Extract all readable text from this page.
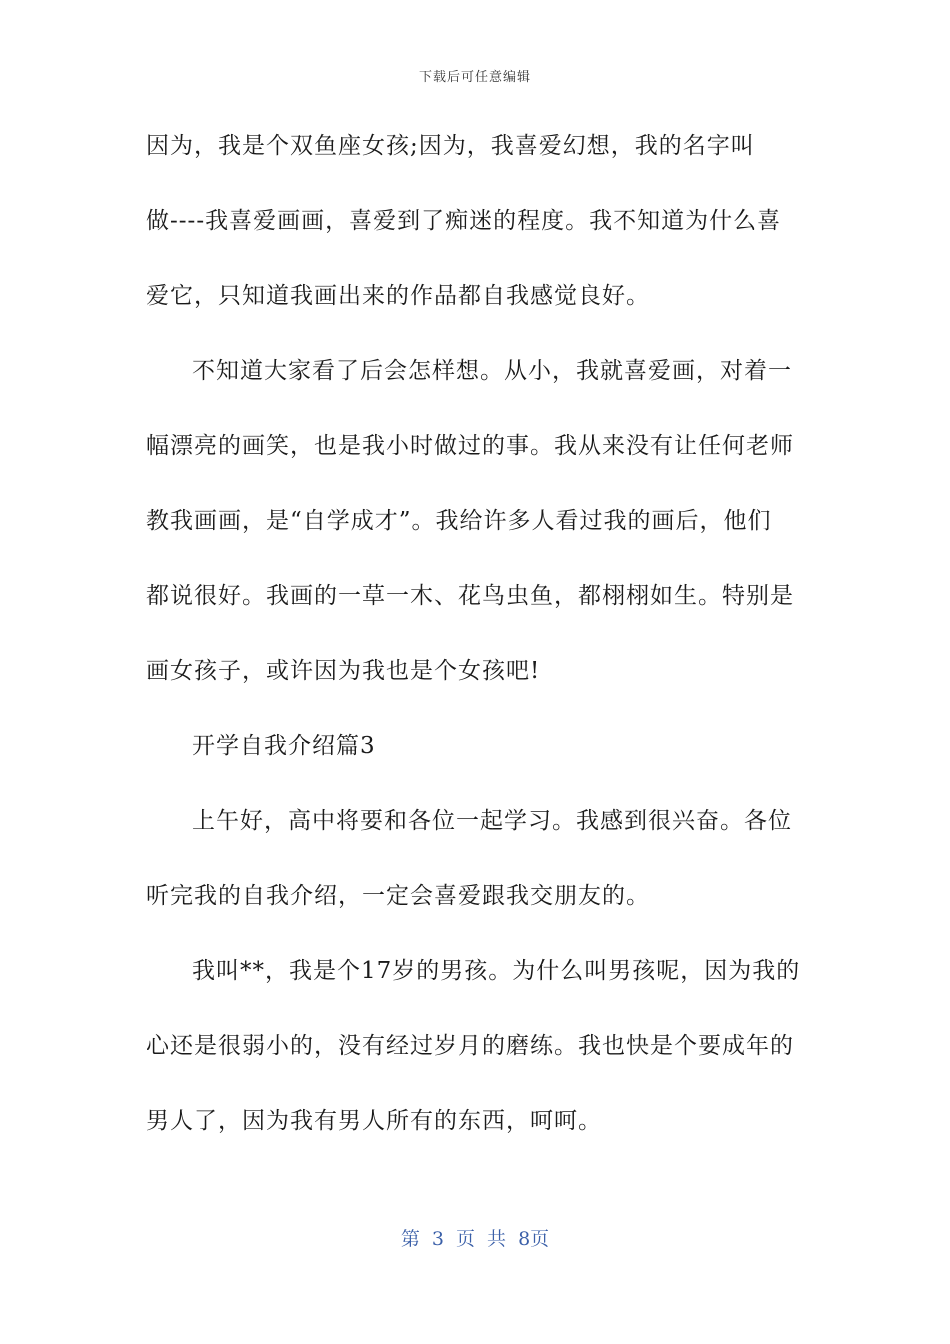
下载后可任意编辑
因为，我是个双鱼座女孩;因为，我喜爱幻想，我的名字叫
做----我喜爱画画，喜爱到了痴迷的程度。我不知道为什么喜
爱它，只知道我画出来的作品都自我感觉良好。
不知道大家看了后会怎样想。从小，我就喜爱画，对着一
幅漂亮的画笑，也是我小时做过的事。我从来没有让任何老师
教我画画，是“自学成才”。我给许多人看过我的画后，他们
都说很好。我画的一草一木、花鸟虫鱼，都栩栩如生。特别是
画女孩子，或许因为我也是个女孩吧!
开学自我介绍篇3
上午好，高中将要和各位一起学习。我感到很兴奋。各位
听完我的自我介绍，一定会喜爱跟我交朋友的。
我叫**，我是个17岁的男孩。为什么叫男孩呢，因为我的
心还是很弱小的，没有经过岁月的磨练。我也快是个要成年的
男人了，因为我有男人所有的东西，呵呵。
第 3 页 共 8页
